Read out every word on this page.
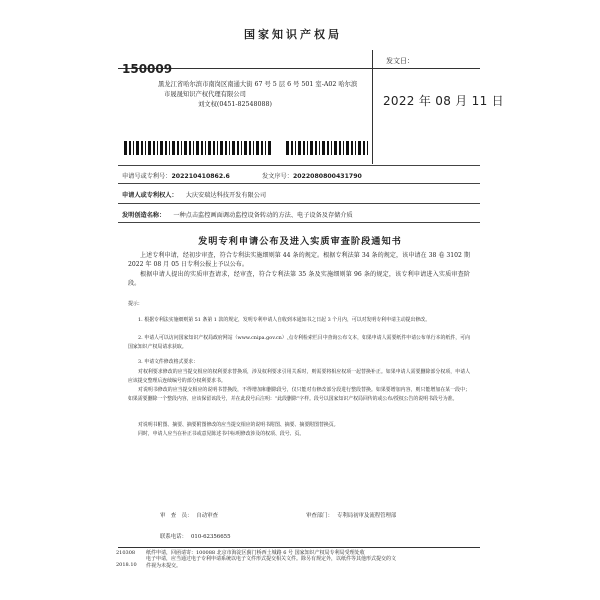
国家知识产权局
150009
黑龙江省哈尔滨市南岗区南通大街 67 号 5 层 6 号 501 室-A02 哈尔滨
市晟晟知识产权代理有限公司
刘文权(0451-82548088)
发文日：
2022 年 08 月 11 日
申请号或专利号：202210410862.6	发文序号：2022080800431790
申请人或专利权人： 大庆安瑞达科技开发有限公司
发明创造名称： 一种点击监控画面调动监控设备转动的方法、电子设备及存储介质
发明专利申请公布及进入实质审查阶段通知书
上述专利申请，经初步审查，符合专利法实施细则第 44 条的规定。根据专利法第 34 条的规定，该申请在 38 卷 3102 期 2022 年 08 月 05 日专利公报上予以公布。
根据申请人提出的实质审查请求，经审查，符合专利法第 35 条及实施细则第 96 条的规定，该专利申请进入实质审查阶段。
提示：
1. 根据专利法实施细则第 51 条第 1 款的规定，发明专利申请人自收到本通知书之日起 3 个月内，可以对发明专利申请主动提出修改。
2. 申请人可以访问国家知识产权局政府网站（www.cnipa.gov.cn）,点专利检索栏目中查询公布文本，如果申请人需要纸件申请公布单行本的纸件，可向国家知识产权局请求获取。
3. 申请文件修改格式要求：
对权利要求修改的应当提交相应的权利要求替换项，涉及权利要求引用关系时，则需要将相应权项一起替换补正。如果申请人需要删除部分权项，申请人应该提交整理后连续编号的部分权利要求书。
对说明书修改的应当提交相应的说明书替换段，不得增加和删除段号，仅只能对有修改部分段进行整段替换。如果要增加内容，则只能增加在某一段中；如果需要删除一个整段内容，应该保留该段号，并在此段号后注明：“此段删除”字样。段号以国家知识产权局回传的或公布/授权公告的说明书段号为准。
对说明书附图、摘要、摘要附图修改的应当提交相应的说明书附图、摘要、摘要附图替换页。
同时，申请人应当在补正书或意见陈述书中标明修改涉及的权项、段号、页。
审　查　员： 自动审查	审查部门： 专利局初审及流程管理部
联系电话： 010-62356655
210308
2018.10
纸件申请，回函请寄：100088 北京市海淀区蓟门桥西土城路 6 号 国家知识产权局专利局受理处收
电子申请，应当通过电子专利申请系统以电子文件形式提交相关文件。除另有规定外，以纸件等其他形式提交的文
件视为未提交。
